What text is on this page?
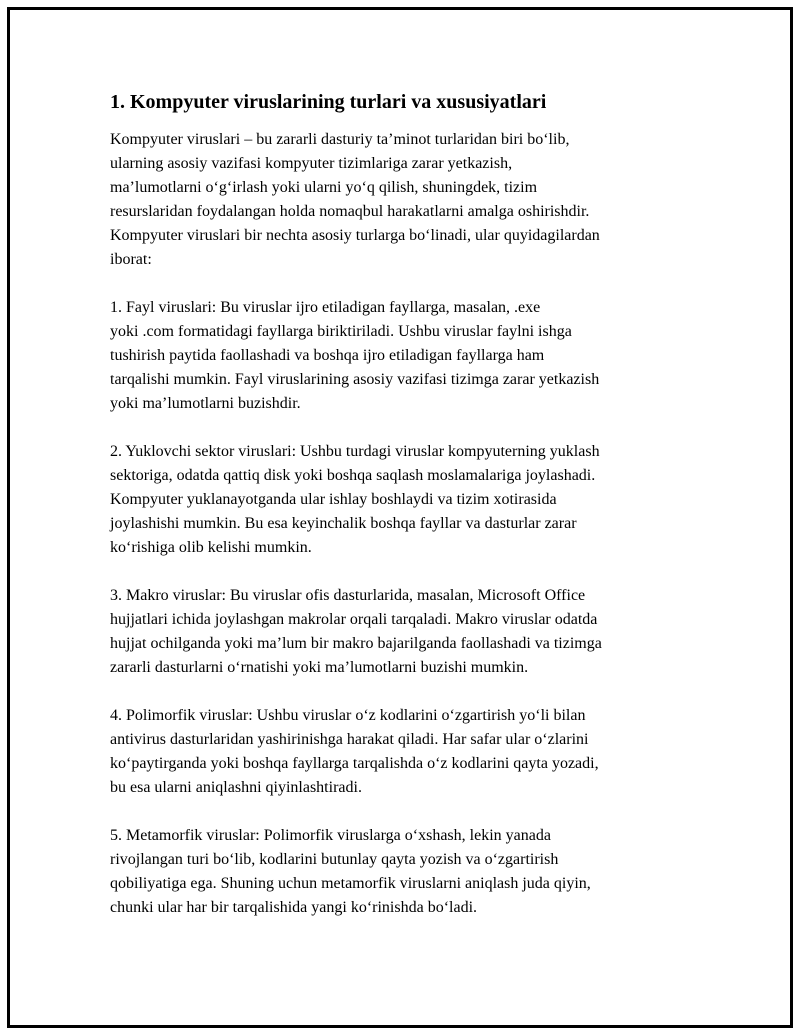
1. Kompyuter viruslarining turlari va xususiyatlari

Kompyuter viruslari – bu zararli dasturiy taʼminot turlaridan biri boʻlib,
ularning asosiy vazifasi kompyuter tizimlariga zarar yetkazish,
maʼlumotlarni oʻgʻirlash yoki ularni yoʻq qilish, shuningdek, tizim
resurslaridan foydalangan holda nomaqbul harakatlarni amalga oshirishdir.
Kompyuter viruslari bir nechta asosiy turlarga boʻlinadi, ular quyidagilardan
iborat:

1. Fayl viruslari: Bu viruslar ijro etiladigan fayllarga, masalan, .exe
yoki .com formatidagi fayllarga biriktiriladi. Ushbu viruslar faylni ishga
tushirish paytida faollashadi va boshqa ijro etiladigan fayllarga ham
tarqalishi mumkin. Fayl viruslarining asosiy vazifasi tizimga zarar yetkazish
yoki maʼlumotlarni buzishdir.

2. Yuklovchi sektor viruslari: Ushbu turdagi viruslar kompyuterning yuklash
sektoriga, odatda qattiq disk yoki boshqa saqlash moslamalariga joylashadi.
Kompyuter yuklanayotganda ular ishlay boshlaydi va tizim xotirasida
joylashishi mumkin. Bu esa keyinchalik boshqa fayllar va dasturlar zarar
koʻrishiga olib kelishi mumkin.

3. Makro viruslar: Bu viruslar ofis dasturlarida, masalan, Microsoft Office
hujjatlari ichida joylashgan makrolar orqali tarqaladi. Makro viruslar odatda
hujjat ochilganda yoki maʼlum bir makro bajarilganda faollashadi va tizimga
zararli dasturlarni oʻrnatishi yoki maʼlumotlarni buzishi mumkin.

4. Polimorfik viruslar: Ushbu viruslar oʻz kodlarini oʻzgartirish yoʻli bilan
antivirus dasturlaridan yashirinishga harakat qiladi. Har safar ular oʻzlarini
koʻpaytirganda yoki boshqa fayllarga tarqalishda oʻz kodlarini qayta yozadi,
bu esa ularni aniqlashni qiyinlashtiradi.

5. Metamorfik viruslar: Polimorfik viruslarga oʻxshash, lekin yanada
rivojlangan turi boʻlib, kodlarini butunlay qayta yozish va oʻzgartirish
qobiliyatiga ega. Shuning uchun metamorfik viruslarni aniqlash juda qiyin,
chunki ular har bir tarqalishida yangi koʻrinishda boʻladi.
